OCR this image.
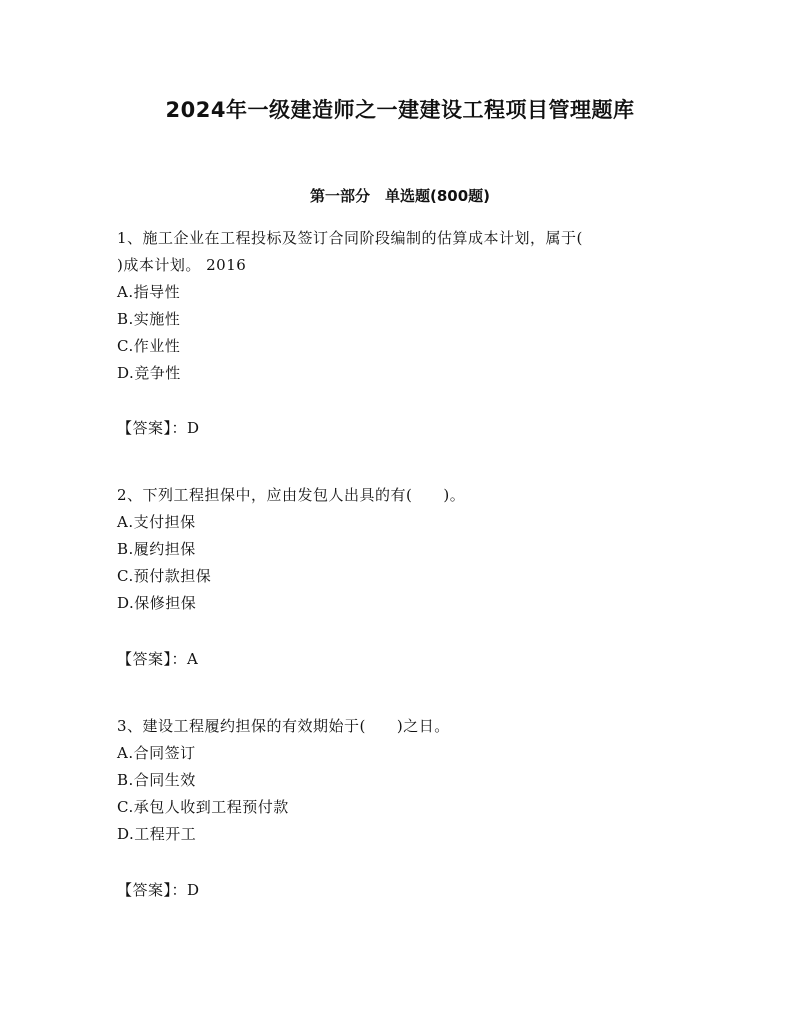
2024年一级建造师之一建建设工程项目管理题库
第一部分　单选题(800题)
1、施工企业在工程投标及签订合同阶段编制的估算成本计划，属于(
)成本计划。 2016
A.指导性
B.实施性
C.作业性
D.竞争性
【答案】：D
2、下列工程担保中，应由发包人出具的有(　　)。
A.支付担保
B.履约担保
C.预付款担保
D.保修担保
【答案】：A
3、建设工程履约担保的有效期始于(　　)之日。
A.合同签订
B.合同生效
C.承包人收到工程预付款
D.工程开工
【答案】：D
